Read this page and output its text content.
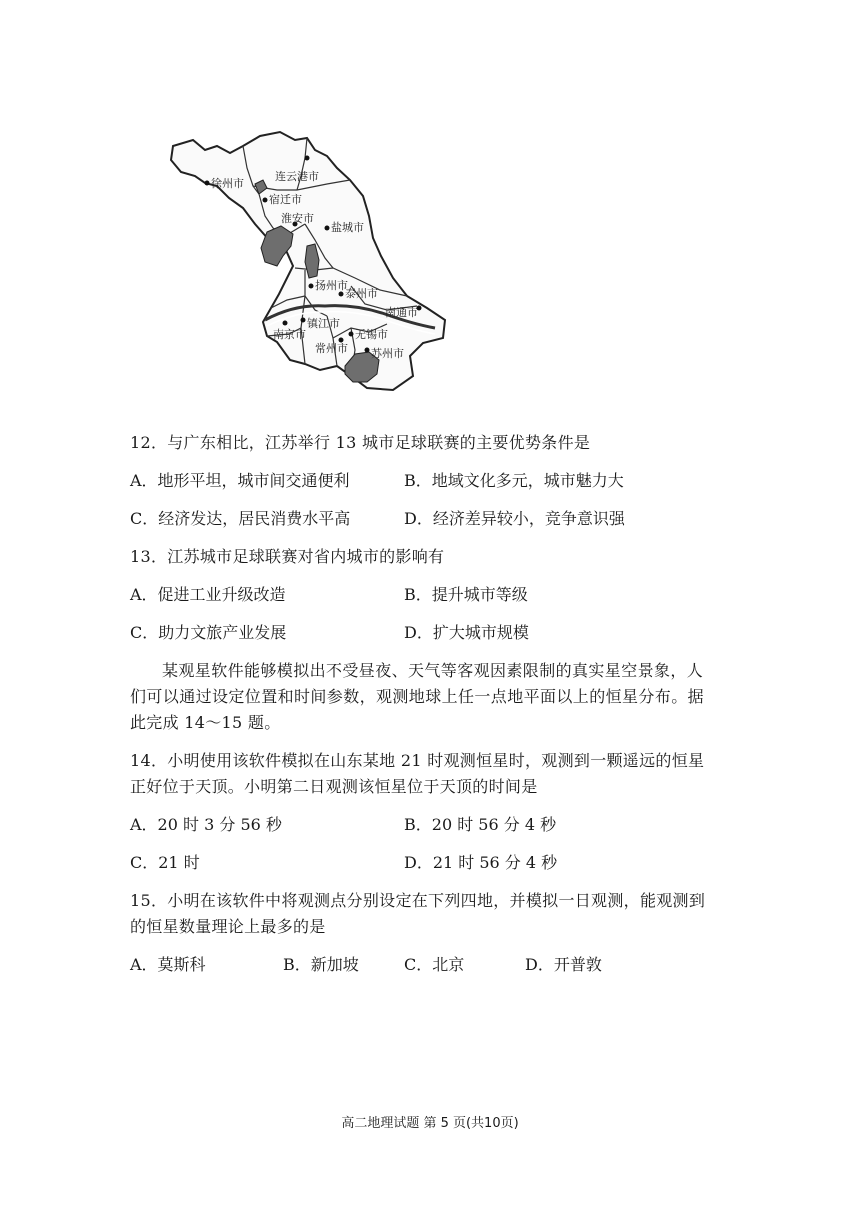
徐州市
连云港市
宿迁市
淮安市
盐城市
扬州市
泰州市
南通市
镇江市
南京市
常州市
无锡市
苏州市
12．与广东相比，江苏举行 13 城市足球联赛的主要优势条件是
A．地形平坦，城市间交通便利	B．地域文化多元，城市魅力大
C．经济发达，居民消费水平高	D．经济差异较小，竞争意识强
13．江苏城市足球联赛对省内城市的影响有
A．促进工业升级改造	B．提升城市等级
C．助力文旅产业发展	D．扩大城市规模
某观星软件能够模拟出不受昼夜、天气等客观因素限制的真实星空景象，人
们可以通过设定位置和时间参数，观测地球上任一点地平面以上的恒星分布。据
此完成 14～15 题。
14．小明使用该软件模拟在山东某地 21 时观测恒星时，观测到一颗遥远的恒星
正好位于天顶。小明第二日观测该恒星位于天顶的时间是
A．20 时 3 分 56 秒	B．20 时 56 分 4 秒
C．21 时	D．21 时 56 分 4 秒
15．小明在该软件中将观测点分别设定在下列四地，并模拟一日观测，能观测到
的恒星数量理论上最多的是
A．莫斯科	B．新加坡	C．北京	D．开普敦
高二地理试题 第 5 页(共10页)
